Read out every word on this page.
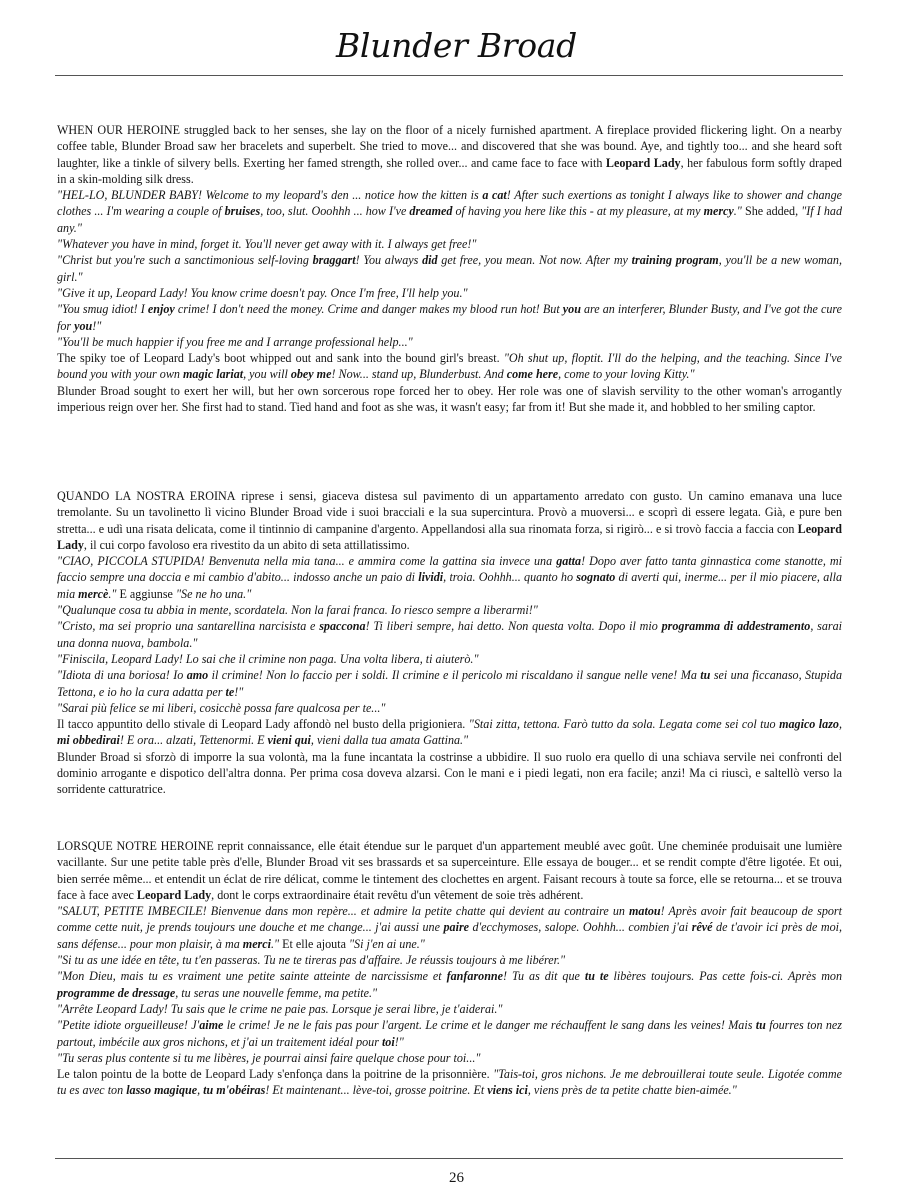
Blunder Broad

WHEN OUR HEROINE struggled back to her senses, she lay on the floor of a nicely furnished apartment. A fireplace provided flickering light. On a nearby coffee table, Blunder Broad saw her bracelets and superbelt. She tried to move... and discovered that she was bound. Aye, and tightly too... and she heard soft laughter, like a tinkle of silvery bells. Exerting her famed strength, she rolled over... and came face to face with Leopard Lady, her fabulous form softly draped in a skin-molding silk dress.

"HEL-LO, BLUNDER BABY! Welcome to my leopard's den ... notice how the kitten is a cat! After such exertions as tonight I always like to shower and change clothes ... I'm wearing a couple of bruises, too, slut. Ooohhh ... how I've dreamed of having you here like this - at my pleasure, at my mercy." She added, "If I had any."

"Whatever you have in mind, forget it. You'll never get away with it. I always get free!"

"Christ but you're such a sanctimonious self-loving braggart! You always did get free, you mean. Not now. After my training program, you'll be a new woman, girl."

"Give it up, Leopard Lady! You know crime doesn't pay. Once I'm free, I'll help you."

"You smug idiot! I enjoy crime! I don't need the money. Crime and danger makes my blood run hot! But you are an interferer, Blunder Busty, and I've got the cure for you!"

"You'll be much happier if you free me and I arrange professional help..."

The spiky toe of Leopard Lady's boot whipped out and sank into the bound girl's breast. "Oh shut up, floptit. I'll do the helping, and the teaching. Since I've bound you with your own magic lariat, you will obey me! Now... stand up, Blunderbust. And come here, come to your loving Kitty."

Blunder Broad sought to exert her will, but her own sorcerous rope forced her to obey. Her role was one of slavish servility to the other woman's arrogantly imperious reign over her. She first had to stand. Tied hand and foot as she was, it wasn't easy; far from it! But she made it, and hobbled to her smiling captor.

QUANDO LA NOSTRA EROINA riprese i sensi, giaceva distesa sul pavimento di un appartamento arredato con gusto. Un camino emanava una luce tremolante. Su un tavolinetto lì vicino Blunder Broad vide i suoi bracciali e la sua supercintura. Provò a muoversi... e scoprì di essere legata. Già, e pure ben stretta... e udì una risata delicata, come il tintinnio di campanine d'argento. Appellandosi alla sua rinomata forza, si rigirò... e si trovò faccia a faccia con Leopard Lady, il cui corpo favoloso era rivestito da un abito di seta attillatissimo.

"CIAO, PICCOLA STUPIDA! Benvenuta nella mia tana... e ammira come la gattina sia invece una gatta! Dopo aver fatto tanta ginnastica come stanotte, mi faccio sempre una doccia e mi cambio d'abito... indosso anche un paio di lividi, troia. Oohhh... quanto ho sognato di averti qui, inerme... per il mio piacere, alla mia mercè." E aggiunse "Se ne ho una."

"Qualunque cosa tu abbia in mente, scordatela. Non la farai franca. Io riesco sempre a liberarmi!"

"Cristo, ma sei proprio una santarellina narcisista e spaccona! Ti liberi sempre, hai detto. Non questa volta. Dopo il mio programma di addestramento, sarai una donna nuova, bambola."

"Finiscila, Leopard Lady! Lo sai che il crimine non paga. Una volta libera, ti aiuterò."

"Idiota di una boriosa! Io amo il crimine! Non lo faccio per i soldi. Il crimine e il pericolo mi riscaldano il sangue nelle vene! Ma tu sei una ficcanaso, Stupida Tettona, e io ho la cura adatta per te!"

"Sarai più felice se mi liberi, cosicchè possa fare qualcosa per te..."

Il tacco appuntito dello stivale di Leopard Lady affondò nel busto della prigioniera. "Stai zitta, tettona. Farò tutto da sola. Legata come sei col tuo magico lazo, mi obbedirai! E ora... alzati, Tettenormi. E vieni qui, vieni dalla tua amata Gattina."

Blunder Broad si sforzò di imporre la sua volontà, ma la fune incantata la costrinse a ubbidire. Il suo ruolo era quello di una schiava servile nei confronti del dominio arrogante e dispotico dell'altra donna. Per prima cosa doveva alzarsi. Con le mani e i piedi legati, non era facile; anzi! Ma ci riuscì, e saltellò verso la sorridente catturatrice.

LORSQUE NOTRE HEROINE reprit connaissance, elle était étendue sur le parquet d'un appartement meublé avec goût. Une cheminée produisait une lumière vacillante. Sur une petite table près d'elle, Blunder Broad vit ses brassards et sa superceinture. Elle essaya de bouger... et se rendit compte d'être ligotée. Et oui, bien serrée même... et entendit un éclat de rire délicat, comme le tintement des clochettes en argent. Faisant recours à toute sa force, elle se retourna... et se trouva face à face avec Leopard Lady, dont le corps extraordinaire était revêtu d'un vêtement de soie très adhérent.

"SALUT, PETITE IMBECILE! Bienvenue dans mon repère... et admire la petite chatte qui devient au contraire un matou! Après avoir fait beaucoup de sport comme cette nuit, je prends toujours une douche et me change... j'ai aussi une paire d'ecchymoses, salope. Oohhh... combien j'ai rêvé de t'avoir ici près de moi, sans défense... pour mon plaisir, à ma merci." Et elle ajouta "Si j'en ai une."

"Si tu as une idée en tête, tu t'en passeras. Tu ne te tireras pas d'affaire. Je réussis toujours à me libérer."

"Mon Dieu, mais tu es vraiment une petite sainte atteinte de narcissisme et fanfaronne! Tu as dit que tu te libères toujours. Pas cette fois-ci. Après mon programme de dressage, tu seras une nouvelle femme, ma petite."

"Arrête Leopard Lady! Tu sais que le crime ne paie pas. Lorsque je serai libre, je t'aiderai."

"Petite idiote orgueilleuse! J'aime le crime! Je ne le fais pas pour l'argent. Le crime et le danger me réchauffent le sang dans les veines! Mais tu fourres ton nez partout, imbécile aux gros nichons, et j'ai un traitement idéal pour toi!"

"Tu seras plus contente si tu me libères, je pourrai ainsi faire quelque chose pour toi..."

Le talon pointu de la botte de Leopard Lady s'enfonça dans la poitrine de la prisonnière. "Tais-toi, gros nichons. Je me debrouillerai toute seule. Ligotée comme tu es avec ton lasso magique, tu m'obéiras! Et maintenant... lève-toi, grosse poitrine. Et viens ici, viens près de ta petite chatte bien-aimée."

26
